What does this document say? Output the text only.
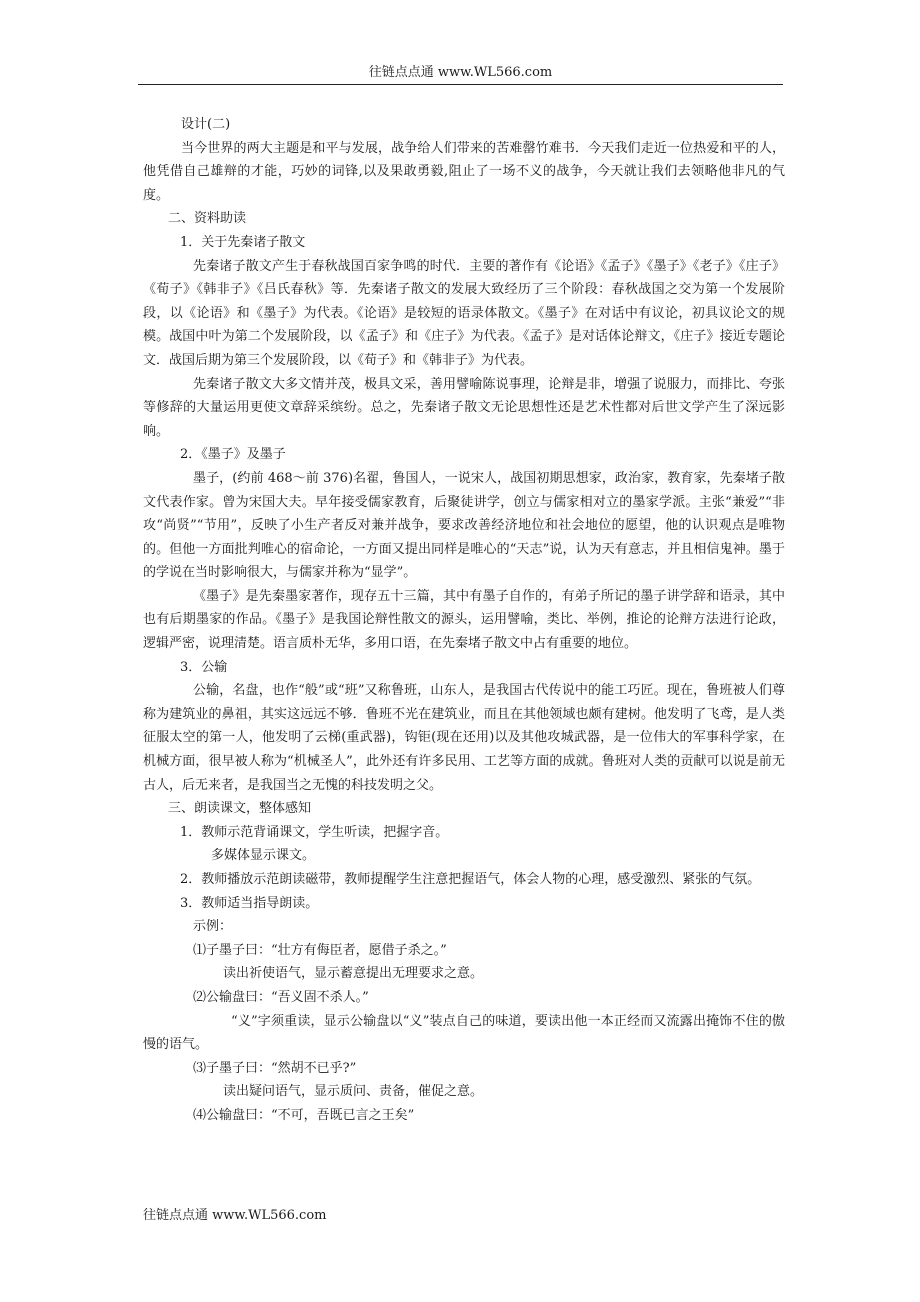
往链点点通 www.WL566.com

设计(二)

当今世界的两大主题是和平与发展，战争给人们带来的苦难罄竹难书．今天我们走近一位热爱和平的人，他凭借自己雄辩的才能，巧妙的词锋,以及果敢勇毅,阻止了一场不义的战争，今天就让我们去领略他非凡的气度。

二、资料助读

1．关于先秦诸子散文

先秦诸子散文产生于春秋战国百家争鸣的时代．主要的著作有《论语》《孟子》《墨子》《老子》《庄子》《荀子》《韩非子》《吕氏春秋》等．先秦诸子散文的发展大致经历了三个阶段：春秋战国之交为第一个发展阶段，以《论语》和《墨子》为代表。《论语》是较短的语录体散文。《墨子》在对话中有议论，初具议论文的规模。战国中叶为第二个发展阶段，以《孟子》和《庄子》为代表。《孟子》是对话体论辩文，《庄子》接近专题论文．战国后期为第三个发展阶段，以《荀子》和《韩非子》为代表。

先秦诸子散文大多文情并茂，极具文采，善用譬喻陈说事理，论辩是非，增强了说服力，而排比、夸张等修辞的大量运用更使文章辞采缤纷。总之，先秦诸子散文无论思想性还是艺术性都对后世文学产生了深远影响。

2．《墨子》及墨子

墨子，(约前 468～前 376)名翟，鲁国人，一说宋人，战国初期思想家，政治家，教育家，先秦堵子散文代表作家。曾为宋国大夫。早年接受儒家教育，后聚徒讲学，创立与儒家相对立的墨家学派。主张“兼爱”“非攻“尚贤”“节用”，反映了小生产者反对兼并战争，要求改善经济地位和社会地位的愿望，他的认识观点是唯物的。但他一方面批判唯心的宿命论，一方面又提出同样是唯心的“天志”说，认为天有意志，并且相信鬼神。墨于的学说在当时影响很大，与儒家并称为“显学”。

《墨子》是先秦墨家著作，现存五十三篇，其中有墨子自作的，有弟子所记的墨子讲学辞和语录，其中也有后期墨家的作品。《墨子》是我国论辩性散文的源头，运用譬喻，类比、举例，推论的论辩方法进行论政，逻辑严密，说理清楚。语言质朴无华，多用口语，在先秦堵子散文中占有重要的地位。

3．公输

公输，名盘，也作“般”或“班”又称鲁班，山东人，是我国古代传说中的能工巧匠。现在，鲁班被人们尊称为建筑业的鼻祖，其实这远远不够．鲁班不光在建筑业，而且在其他领域也颇有建树。他发明了飞鸢，是人类征服太空的第一人，他发明了云梯(重武器)，钩钜(现在还用)以及其他攻城武器，是一位伟大的军事科学家，在机械方面，很早被人称为“机械圣人”，此外还有许多民用、工艺等方面的成就。鲁班对人类的贡献可以说是前无古人，后无来者，是我国当之无愧的科技发明之父。

三、朗读课文，整体感知

1．教师示范背诵课文，学生听读，把握字音。

多媒体显示课文。

2．教师播放示范朗读磁带，教师提醒学生注意把握语气，体会人物的心理，感受激烈、紧张的气氛。

3．教师适当指导朗读。

示例：

⑴子墨子曰：“壮方有侮臣者，愿借子杀之。”

读出祈使语气，显示蓄意提出无理要求之意。

⑵公输盘曰：“吾义固不杀人。”

“义”字须重读，显示公输盘以“义”装点自己的味道，要读出他一本正经而又流露出掩饰不住的傲慢的语气。

⑶子墨子曰：“然胡不已乎?”

读出疑问语气，显示质问、责备，催促之意。

⑷公输盘曰：“不可，吾既已言之王矣”

往链点点通 www.WL566.com
